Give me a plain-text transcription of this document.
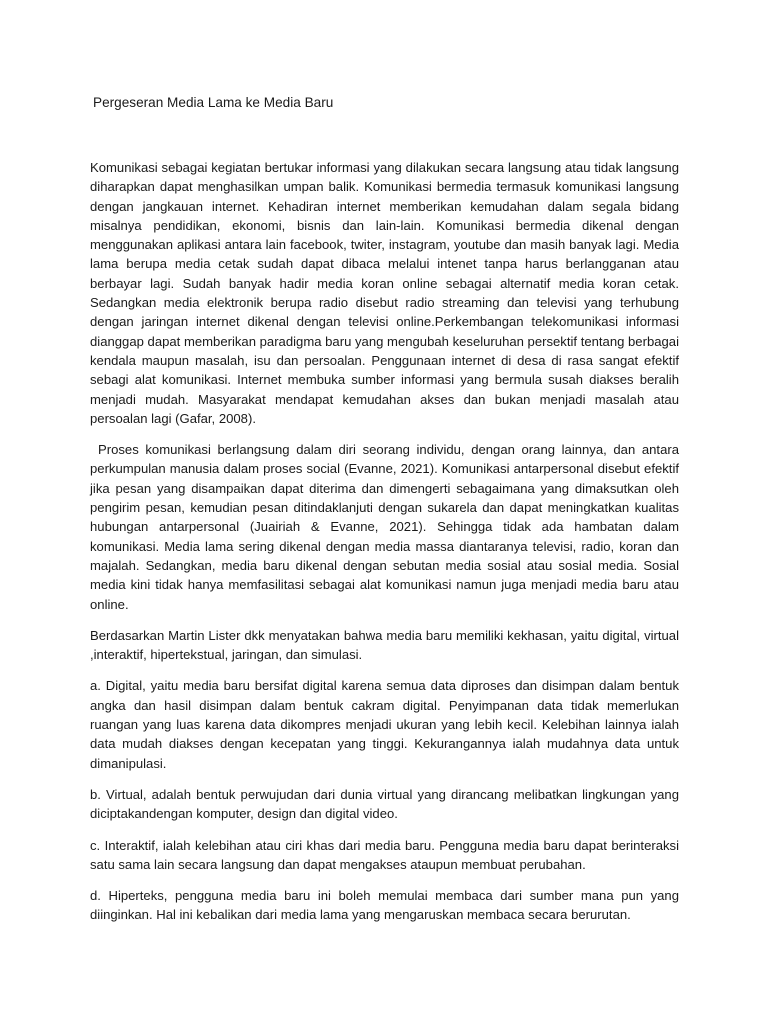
Pergeseran Media Lama ke Media Baru

Komunikasi sebagai kegiatan bertukar informasi yang dilakukan secara langsung atau tidak langsung diharapkan dapat menghasilkan umpan balik. Komunikasi bermedia termasuk komunikasi langsung dengan jangkauan internet. Kehadiran internet memberikan kemudahan dalam segala bidang misalnya pendidikan, ekonomi, bisnis dan lain-lain. Komunikasi bermedia dikenal dengan menggunakan aplikasi antara lain facebook, twiter, instagram, youtube dan masih banyak lagi. Media lama berupa media cetak sudah dapat dibaca melalui intenet tanpa harus berlangganan atau berbayar lagi. Sudah banyak hadir media koran online sebagai alternatif media koran cetak. Sedangkan media elektronik berupa radio disebut radio streaming dan televisi yang terhubung dengan jaringan internet dikenal dengan televisi online.Perkembangan telekomunikasi informasi dianggap dapat memberikan paradigma baru yang mengubah keseluruhan persektif tentang berbagai kendala maupun masalah, isu dan persoalan. Penggunaan internet di desa di rasa sangat efektif sebagi alat komunikasi. Internet membuka sumber informasi yang bermula susah diakses beralih menjadi mudah. Masyarakat mendapat kemudahan akses dan bukan menjadi masalah atau persoalan lagi (Gafar, 2008).

Proses komunikasi berlangsung dalam diri seorang individu, dengan orang lainnya, dan antara perkumpulan manusia dalam proses social (Evanne, 2021). Komunikasi antarpersonal disebut efektif jika pesan yang disampaikan dapat diterima dan dimengerti sebagaimana yang dimaksutkan oleh pengirim pesan, kemudian pesan ditindaklanjuti dengan sukarela dan dapat meningkatkan kualitas hubungan antarpersonal (Juairiah & Evanne, 2021). Sehingga tidak ada hambatan dalam komunikasi. Media lama sering dikenal dengan media massa diantaranya televisi, radio, koran dan majalah. Sedangkan, media baru dikenal dengan sebutan media sosial atau sosial media. Sosial media kini tidak hanya memfasilitasi sebagai alat komunikasi namun juga menjadi media baru atau online.

Berdasarkan Martin Lister dkk menyatakan bahwa media baru memiliki kekhasan, yaitu digital, virtual ,interaktif, hipertekstual, jaringan, dan simulasi.

a. Digital, yaitu media baru bersifat digital karena semua data diproses dan disimpan dalam bentuk angka dan hasil disimpan dalam bentuk cakram digital. Penyimpanan data tidak memerlukan ruangan yang luas karena data dikompres menjadi ukuran yang lebih kecil. Kelebihan lainnya ialah data mudah diakses dengan kecepatan yang tinggi. Kekurangannya ialah mudahnya data untuk dimanipulasi.

b. Virtual, adalah bentuk perwujudan dari dunia virtual yang dirancang melibatkan lingkungan yang diciptakandengan komputer, design dan digital video.

c. Interaktif, ialah kelebihan atau ciri khas dari media baru. Pengguna media baru dapat berinteraksi satu sama lain secara langsung dan dapat mengakses ataupun membuat perubahan.

d. Hiperteks, pengguna media baru ini boleh memulai membaca dari sumber mana pun yang diinginkan. Hal ini kebalikan dari media lama yang mengaruskan membaca secara berurutan.
